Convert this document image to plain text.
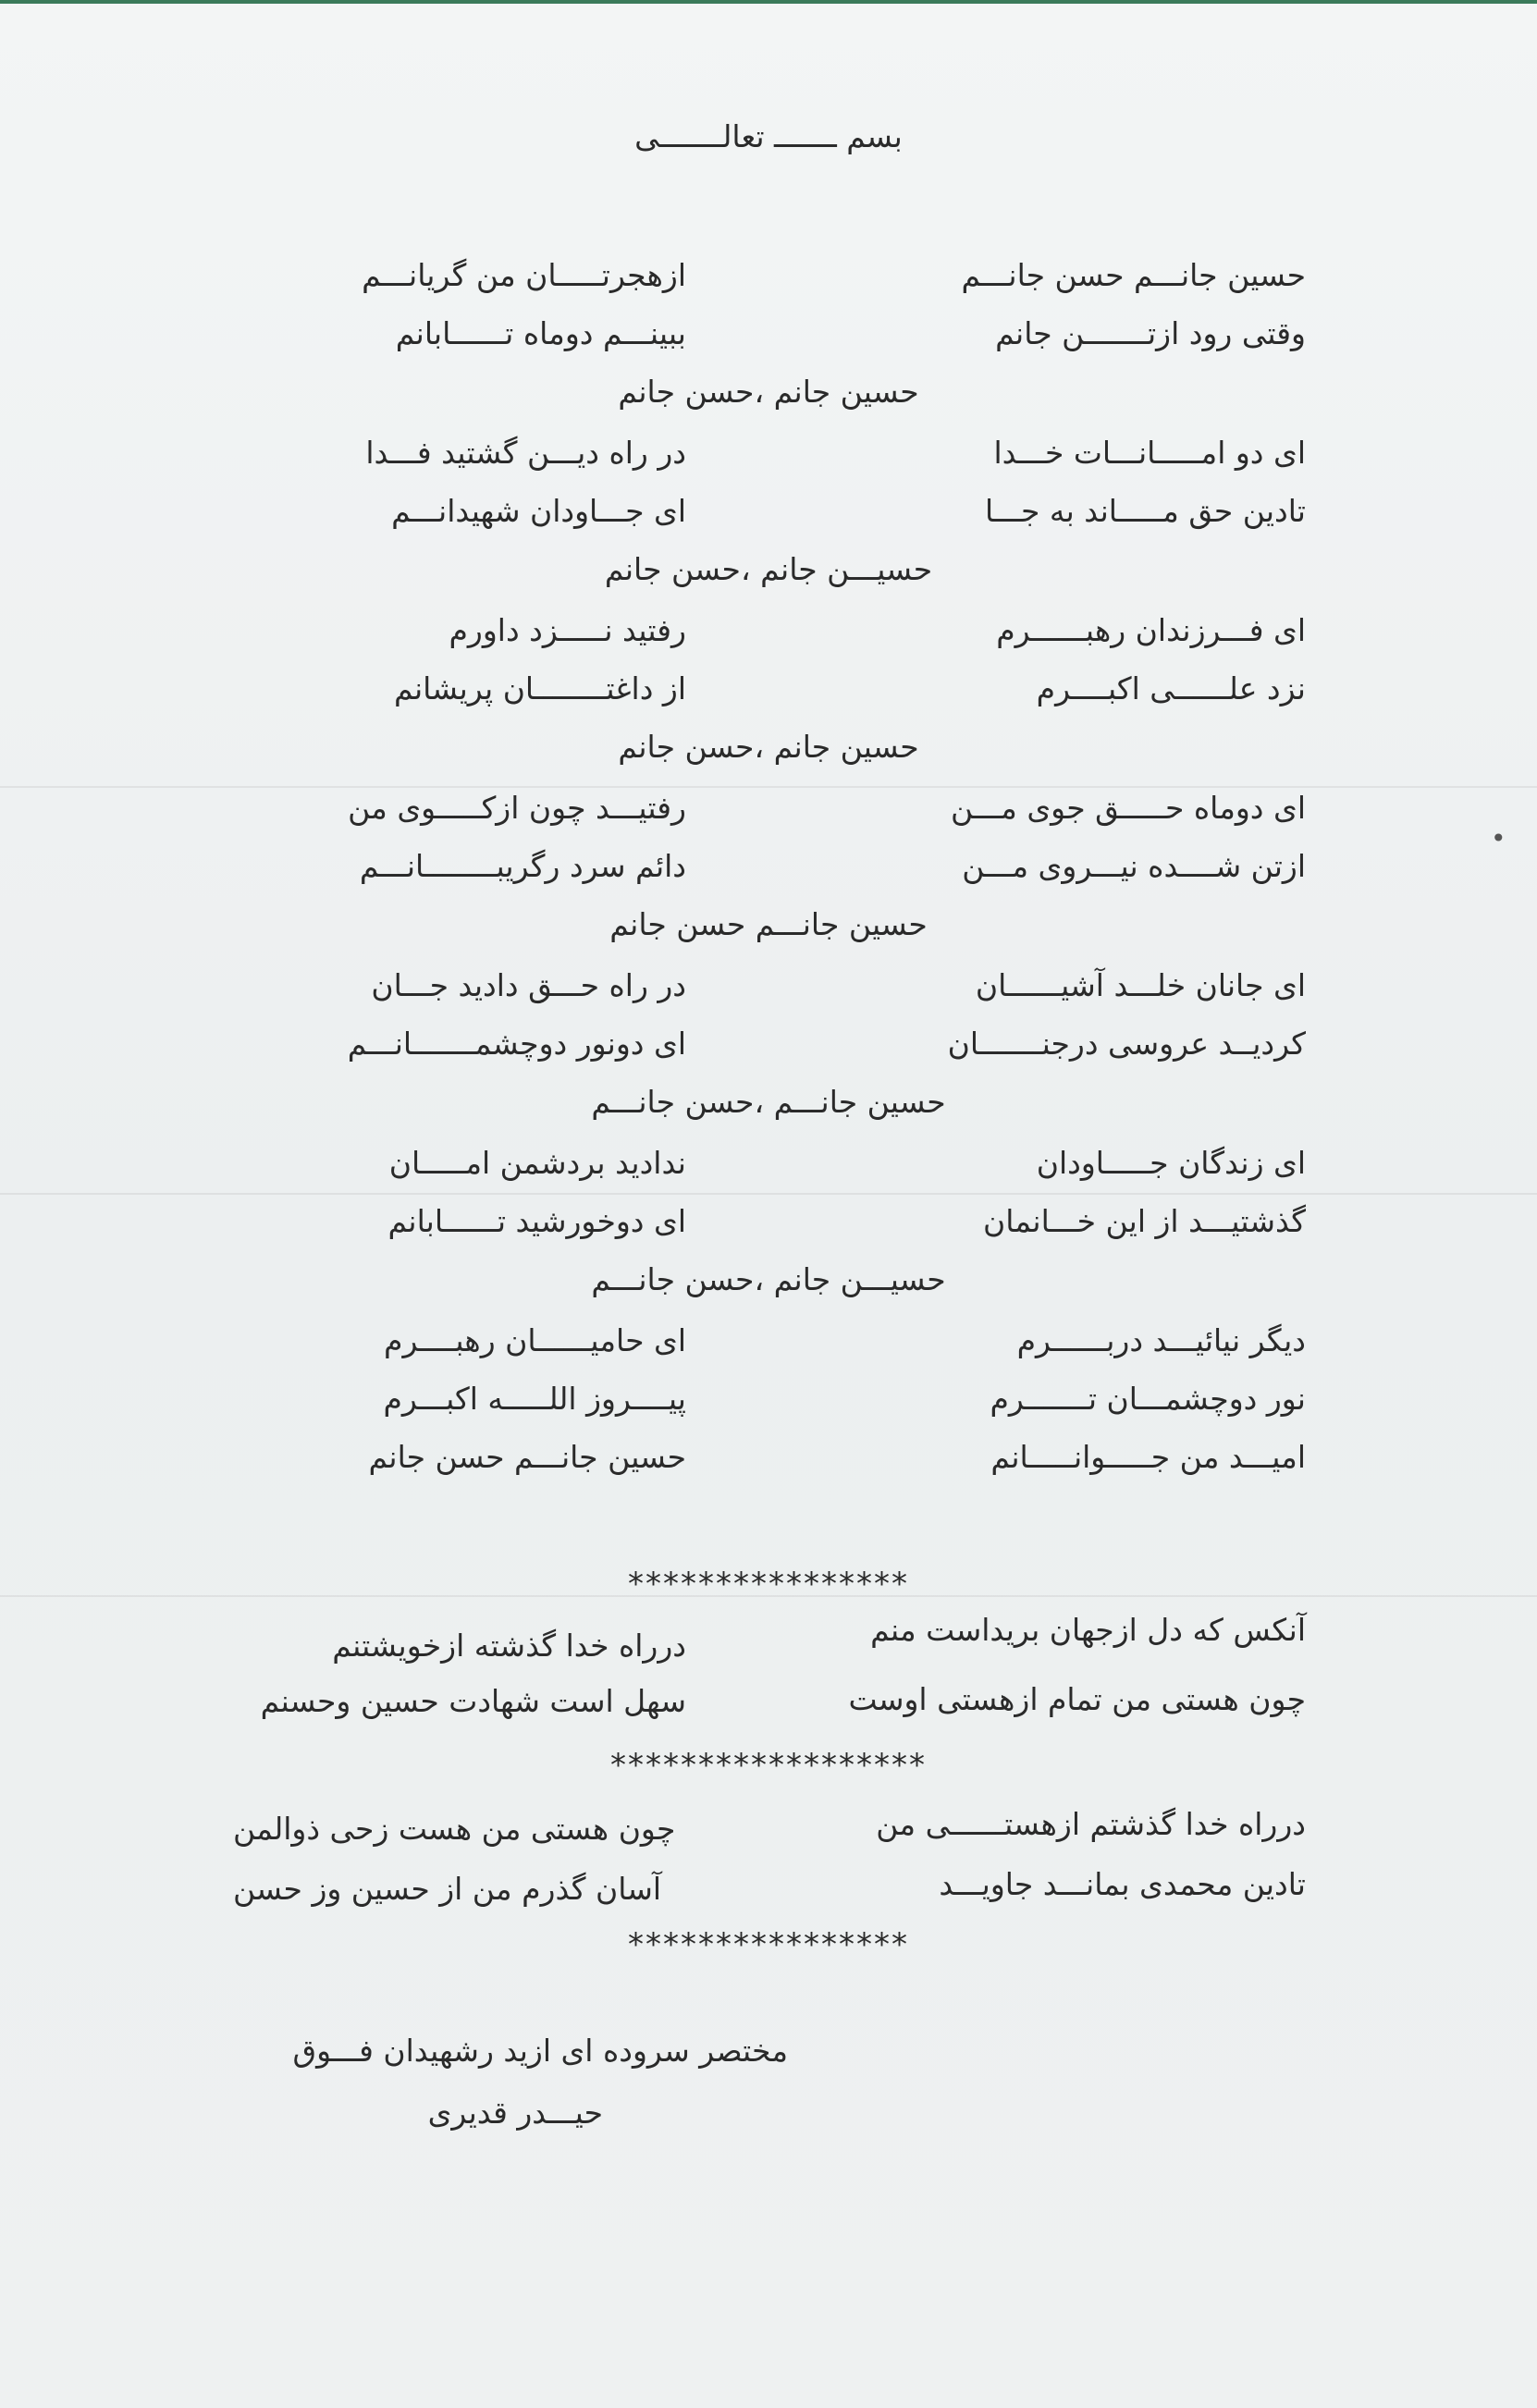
بسم ـــــــ تعالـــــــی
حسین جانـــم حسن جانـــم
ازهجرتـــــان من گریانـــم
وقتی رود ازتـــــــن جانم
ببینـــم دوماه تــــــابانم
حسین جانم ،حسن جانم
ای دو امـــــانـــات خـــدا
در راه دیـــن گشتید فـــدا
تادین حق مـــــاند به جـــا
ای جـــاودان شهیدانـــم
حسیـــن جانم ،حسن جانم
ای فـــرزندان رهبــــــرم
رفتید نـــــزد داورم
نزد علــــــی اکبــــرم
از داغتــــــــان پریشانم
حسین جانم ،حسن جانم
ای دوماه حـــــق جوی مـــن
رفتیـــد چون ازکـــــوی من
ازتن شــــده نیـــروی مـــن
دائم سرد رگریبــــــــانـــم
حسین جانـــم حسن جانم
ای جانان خلـــد آشیــــــان
در راه حـــق دادید جـــان
کردیــد عروسی درجنـــــــان
ای دونور دوچشمـــــــانـــم
حسین جانـــم ،حسن جانـــم
ای زندگان جـــــاودان
ندادید بردشمن امـــــان
گذشتیـــد از این خـــانمان
ای دوخورشید تــــــابانم
حسیـــن جانم ،حسن جانـــم
دیگر نیائیـــد دربــــــرم
ای حامیــــــان رهبــــرم
نور دوچشمـــان تـــــــرم
پیــــروز اللـــــه اکبـــرم
امیـــد من جـــــوانـــــانم
حسین جانـــم حسن جانم
****************
آنکس که دل ازجهان بریداست منم
درراه خدا گذشته ازخویشتنم
چون هستی من تمام ازهستی اوست
سهل است شهادت حسین وحسنم
******************
درراه خدا گذشتم ازهستــــــی من
چون هستی من هست زحی ذوالمن
تادین محمدی بمانـــد جاویـــد
آسان گذرم من از حسین وز حسن
****************
مختصر سروده ای ازید رشهیدان فـــوق
حیـــدر قدیری
•
